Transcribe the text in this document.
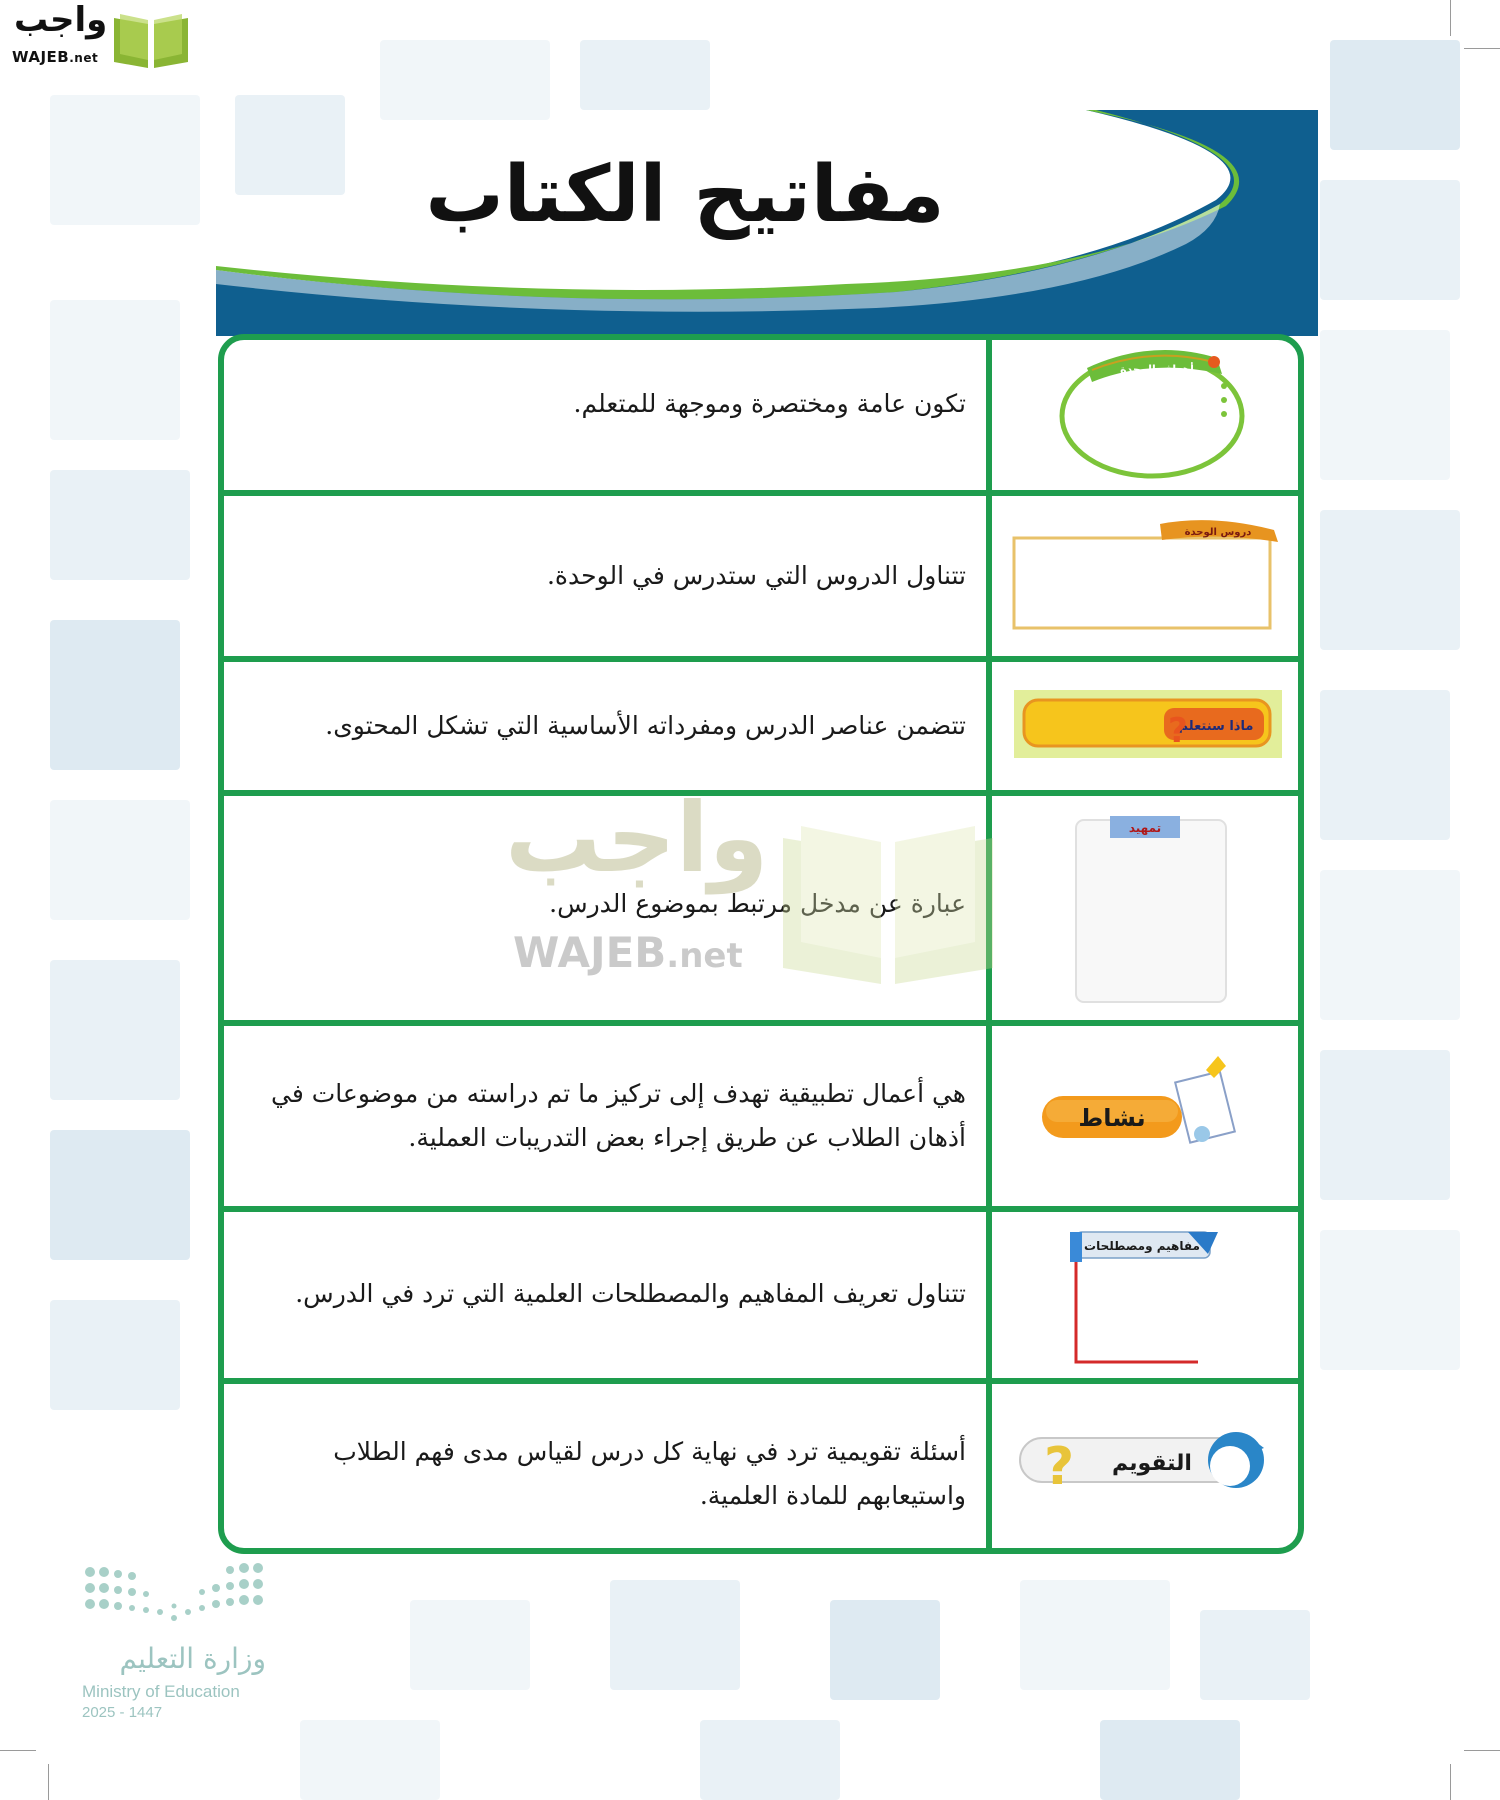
واجب
WAJEB.net
مفاتيح الكتاب
أهداف الوحدة
تكون عامة ومختصرة وموجهة للمتعلم.
دروس الوحدة
تتناول الدروس التي ستدرس في الوحدة.
ماذا سنتعلم
?
تتضمن عناصر الدرس ومفرداته الأساسية التي تشكل المحتوى.
تمهيد
عبارة عن مدخل مرتبط بموضوع الدرس.
نشاط
هي أعمال تطبيقية تهدف إلى تركيز ما تم دراسته من موضوعات في أذهان الطلاب عن طريق إجراء بعض التدريبات العملية.
مفاهيم ومصطلحات
تتناول تعريف المفاهيم والمصطلحات العلمية التي ترد في الدرس.
? التقويم
أسئلة تقويمية ترد في نهاية كل درس لقياس مدى فهم الطلاب واستيعابهم للمادة العلمية.
واجب
WAJEB.net
وزارة التعليم
Ministry of Education
2025 - 1447
